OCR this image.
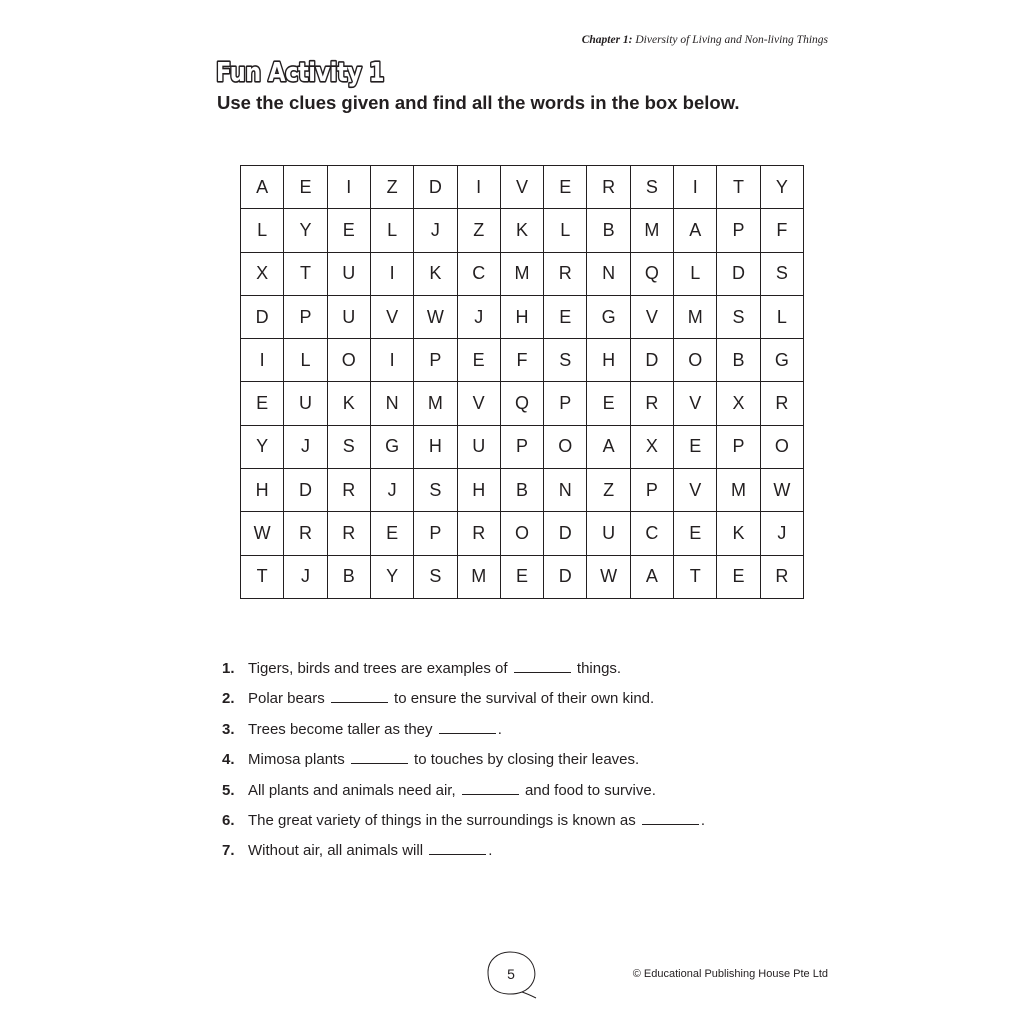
Chapter 1: Diversity of Living and Non-living Things
Fun Activity 1
Use the clues given and find all the words in the box below.
A	E	I	Z	D	I	V	E	R	S	I	T	Y
L	Y	E	L	J	Z	K	L	B	M	A	P	F
X	T	U	I	K	C	M	R	N	Q	L	D	S
D	P	U	V	W	J	H	E	G	V	M	S	L
I	L	O	I	P	E	F	S	H	D	O	B	G
E	U	K	N	M	V	Q	P	E	R	V	X	R
Y	J	S	G	H	U	P	O	A	X	E	P	O
H	D	R	J	S	H	B	N	Z	P	V	M	W
W	R	R	E	P	R	O	D	U	C	E	K	J
T	J	B	Y	S	M	E	D	W	A	T	E	R
1. Tigers, birds and trees are examples of	things.
2. Polar bears	to ensure the survival of their own kind.
3. Trees become taller as they	.
4. Mimosa plants	to touches by closing their leaves.
5. All plants and animals need air,	and food to survive.
6. The great variety of things in the surroundings is known as	.
7. Without air, all animals will	.
5	© Educational Publishing House Pte Ltd
